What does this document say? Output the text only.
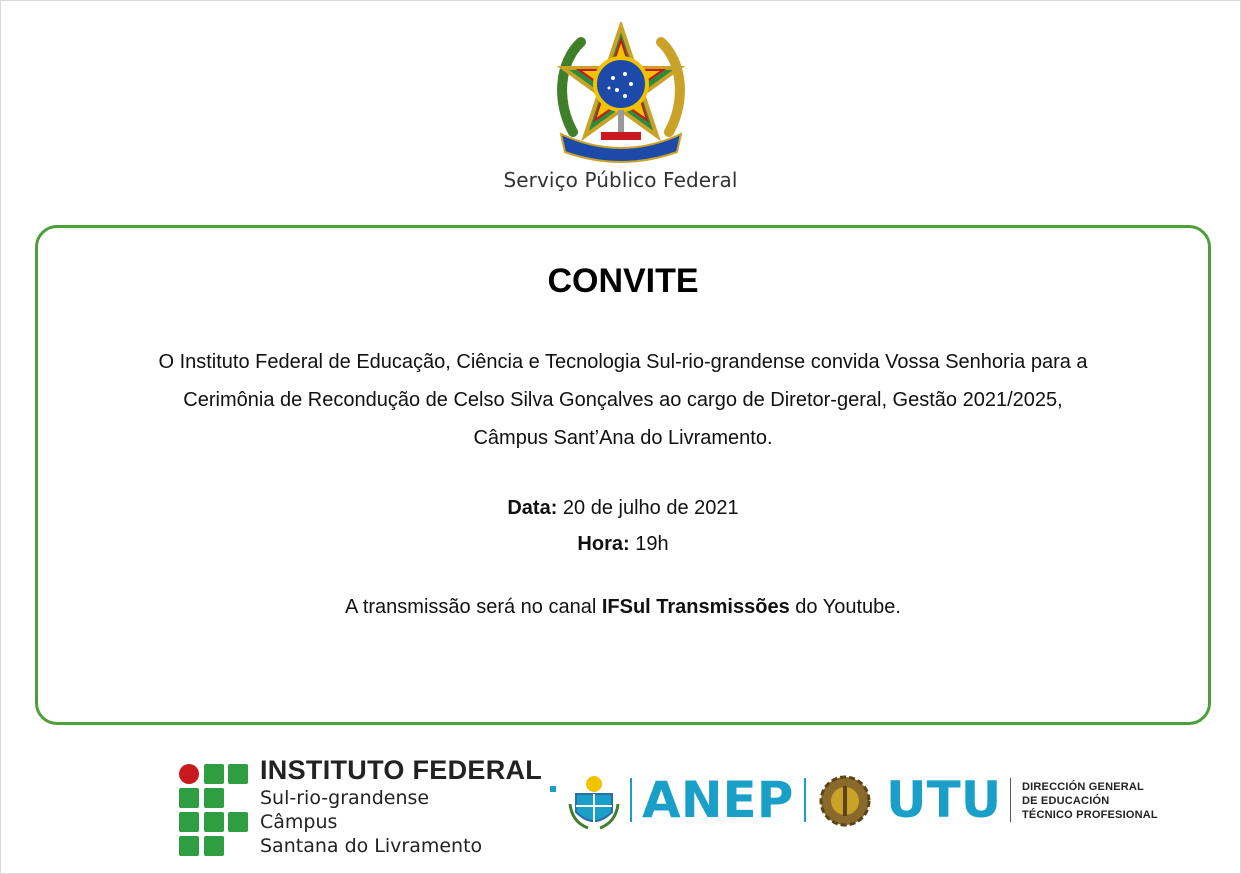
Serviço Público Federal
CONVITE
O Instituto Federal de Educação, Ciência e Tecnologia Sul-rio-grandense convida Vossa Senhoria para a Cerimônia de Recondução de Celso Silva Gonçalves ao cargo de Diretor-geral, Gestão 2021/2025, Câmpus Sant’Ana do Livramento.
Data: 20 de julho de 2021
Hora: 19h
A transmissão será no canal IFSul Transmissões do Youtube.
INSTITUTO FEDERAL
Sul-rio-grandense
Câmpus
Santana do Livramento
ANEP UTU DIRECCIÓN GENERAL
DE EDUCACIÓN
TÉCNICO PROFESIONAL
